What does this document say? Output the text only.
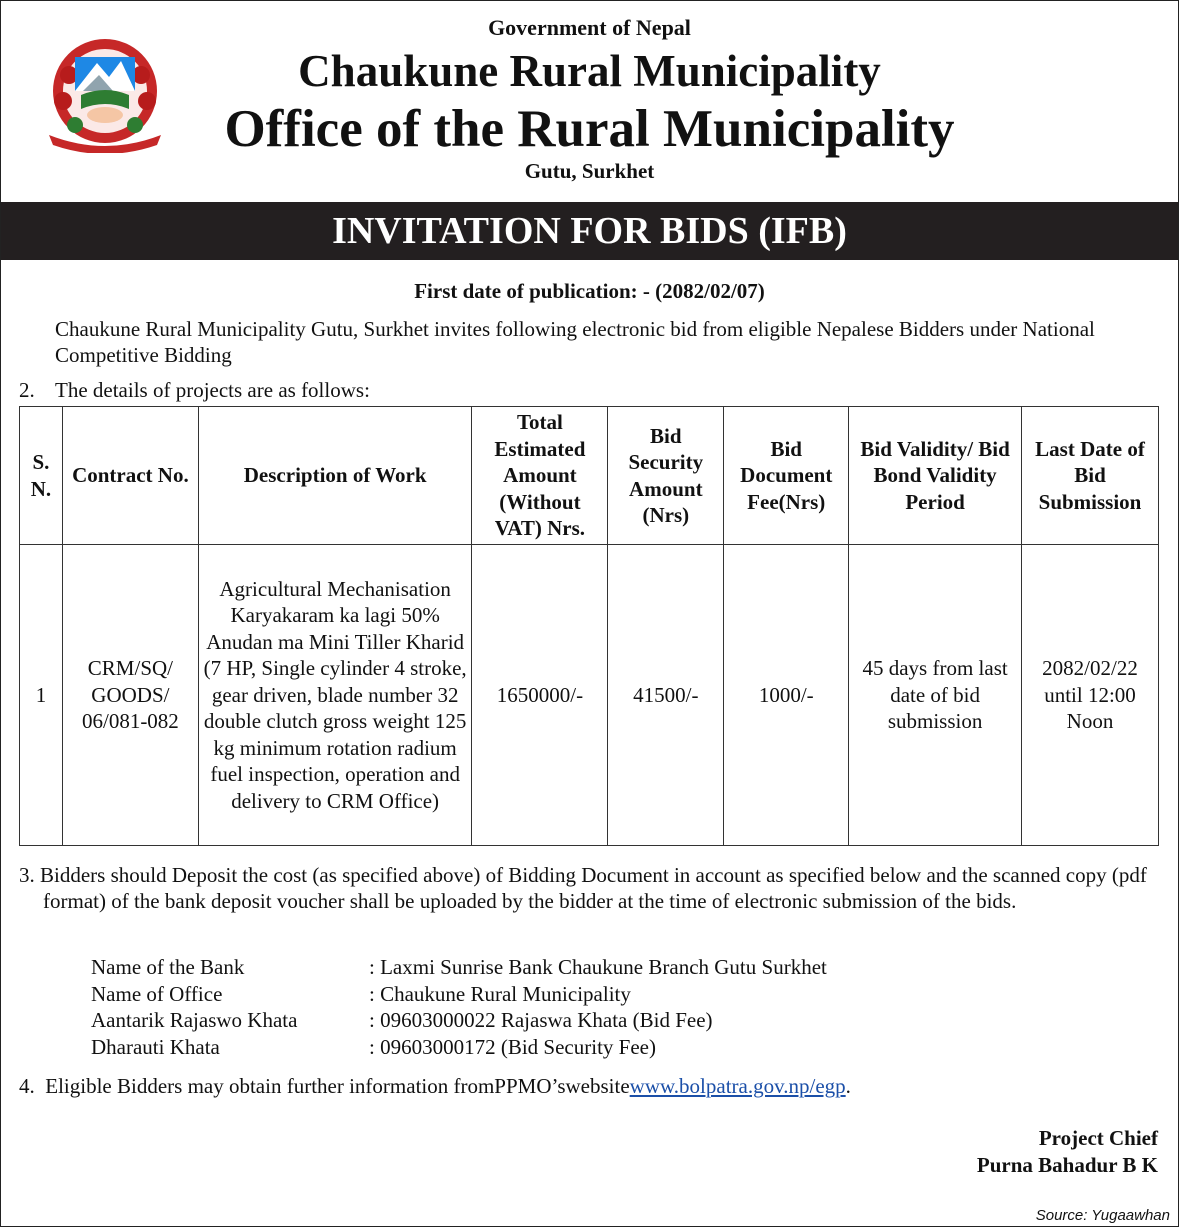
Government of Nepal
Chaukune Rural Municipality
Office of the Rural Municipality
Gutu, Surkhet
INVITATION FOR BIDS (IFB)
First date of publication: - (2082/02/07)
Chaukune Rural Municipality Gutu, Surkhet invites following electronic bid from eligible Nepalese Bidders under National Competitive Bidding
2. The details of projects are as follows:
S. N.	Contract No.	Description of Work	Total Estimated Amount (Without VAT) Nrs.	Bid Security Amount (Nrs)	Bid Document Fee(Nrs)	Bid Validity/ Bid Bond Validity Period	Last Date of Bid Submission
1	CRM/SQ/ GOODS/ 06/081-082	Agricultural Mechanisation Karyakaram ka lagi 50% Anudan ma Mini Tiller Kharid (7 HP, Single cylinder 4 stroke, gear driven, blade number 32 double clutch gross weight 125 kg minimum rotation radium fuel inspection, operation and delivery to CRM Office)	1650000/-	41500/-	1000/-	45 days from last date of bid submission	2082/02/22 until 12:00 Noon
3. Bidders should Deposit the cost (as specified above) of Bidding Document in account as specified below and the scanned copy (pdf format) of the bank deposit voucher shall be uploaded by the bidder at the time of electronic submission of the bids.
Name of the Bank	: Laxmi Sunrise Bank Chaukune Branch Gutu Surkhet
Name of Office	: Chaukune Rural Municipality
Aantarik Rajaswo Khata	: 09603000022 Rajaswa Khata (Bid Fee)
Dharauti Khata	: 09603000172 (Bid Security Fee)
4. Eligible Bidders may obtain further information fromPPMO’swebsitewww.bolpatra.gov.np/egp.
Project Chief
Purna Bahadur B K
Source: Yugaawhan
